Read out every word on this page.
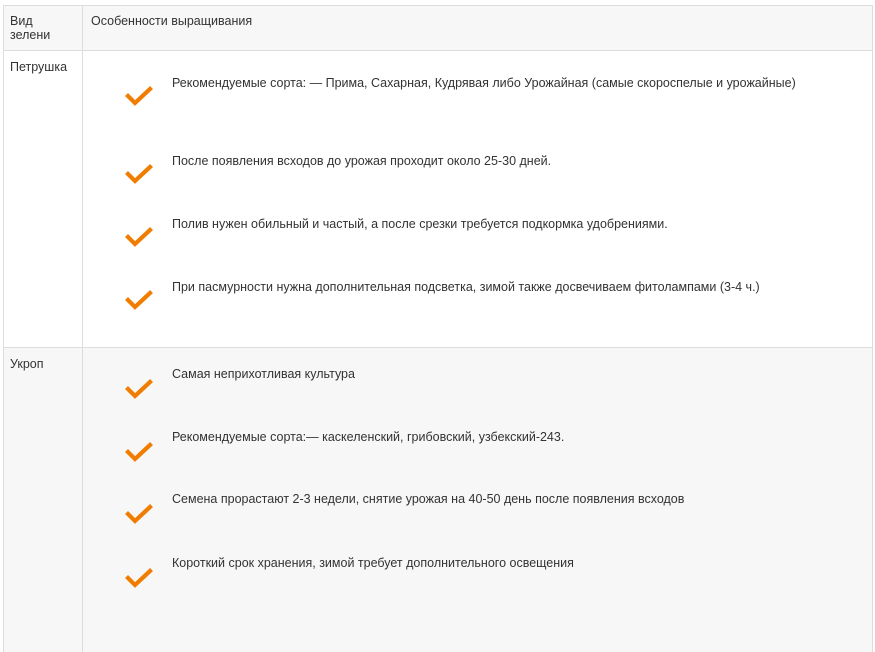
Вид
зелени
Особенности выращивания
Петрушка
Рекомендуемые сорта: — Прима, Сахарная, Кудрявая либо Урожайная (самые скороспелые и урожайные)
После появления всходов до урожая проходит около 25-30 дней.
Полив нужен обильный и частый, а после срезки требуется подкормка удобрениями.
При пасмурности нужна дополнительная подсветка, зимой также досвечиваем фитолампами (3-4 ч.)
Укроп
Самая неприхотливая культура
Рекомендуемые сорта:— каскеленский, грибовский, узбекский-243.
Семена прорастают 2-3 недели, снятие урожая на 40-50 день после появления всходов
Короткий срок хранения, зимой требует дополнительного освещения
